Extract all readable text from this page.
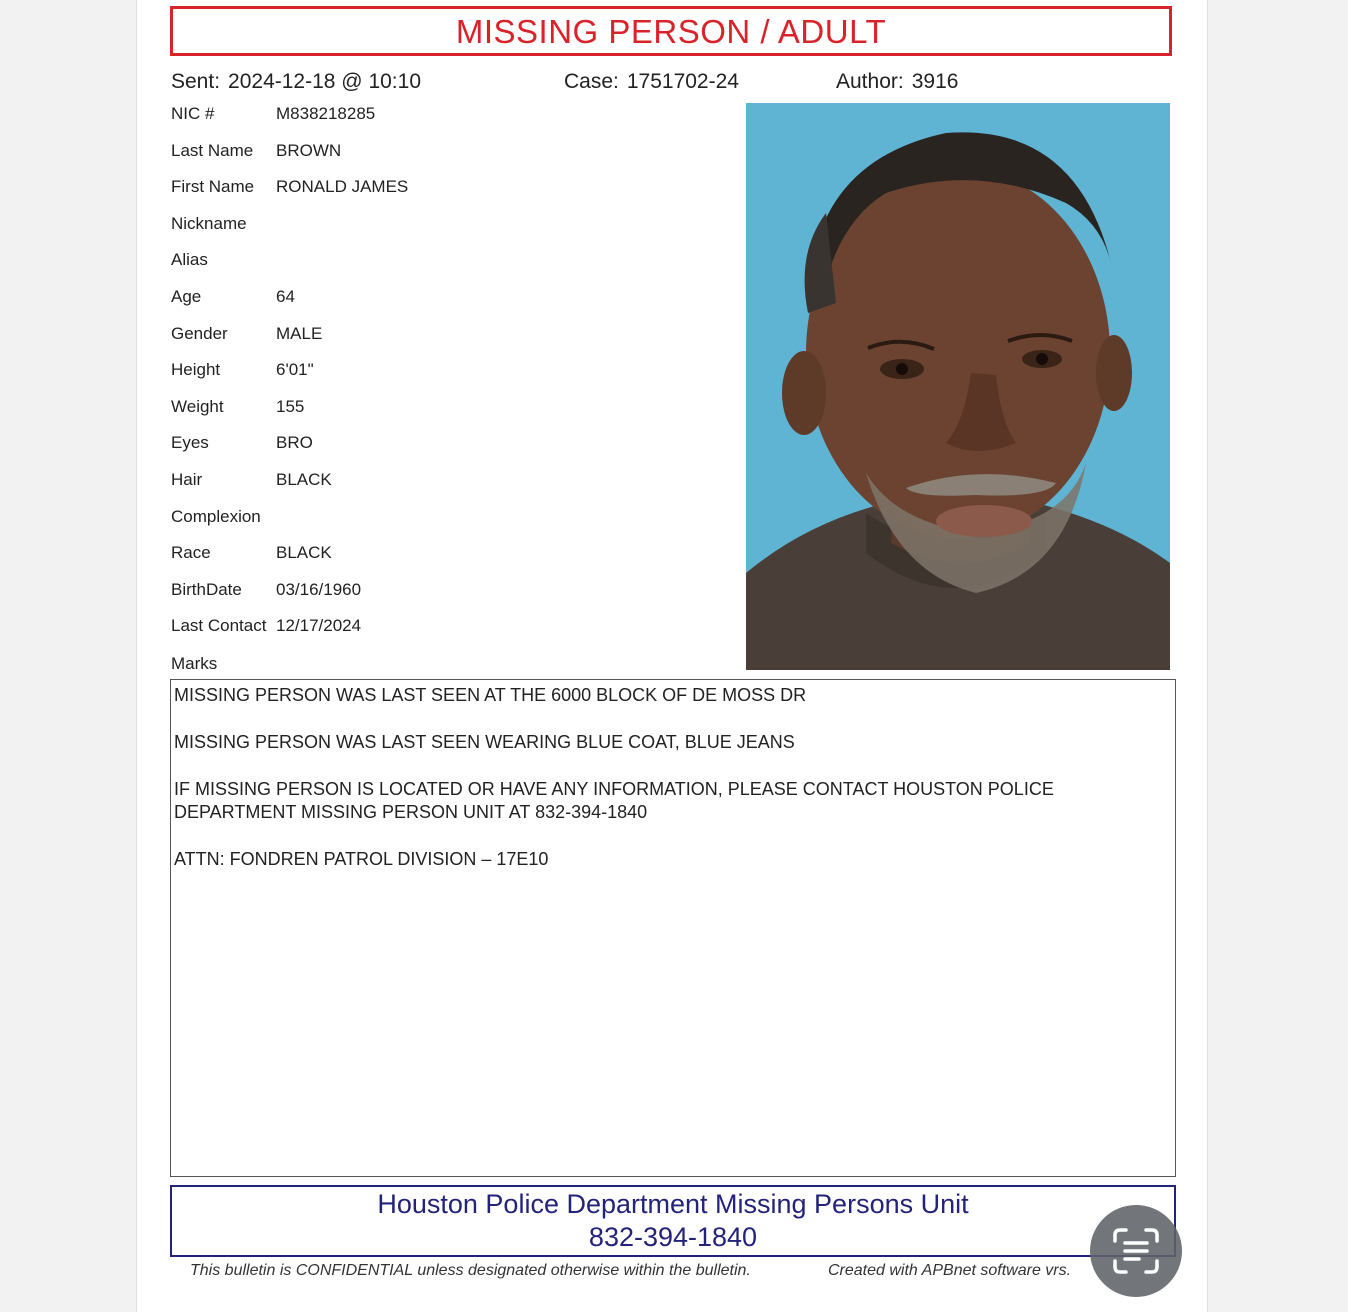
MISSING PERSON / ADULT
Sent: 2024-12-18 @ 10:10	Case: 1751702-24	Author: 3916
NIC #	M838218285
Last Name BROWN
First Name RONALD JAMES
Nickname
Alias
Age	64
Gender	MALE
Height	6'01"
Weight	155
Eyes	BRO
Hair	BLACK
Complexion
Race	BLACK
BirthDate 03/16/1960
Last Contact 12/17/2024
Marks

MISSING PERSON WAS LAST SEEN AT THE 6000 BLOCK OF DE MOSS DR

MISSING PERSON WAS LAST SEEN WEARING BLUE COAT, BLUE JEANS

IF MISSING PERSON IS LOCATED OR HAVE ANY INFORMATION, PLEASE CONTACT HOUSTON POLICE
DEPARTMENT MISSING PERSON UNIT AT 832-394-1840

ATTN: FONDREN PATROL DIVISION – 17E10

Houston Police Department Missing Persons Unit
832-394-1840
This bulletin is CONFIDENTIAL unless designated otherwise within the bulletin.	Created with APBnet software vrs.
